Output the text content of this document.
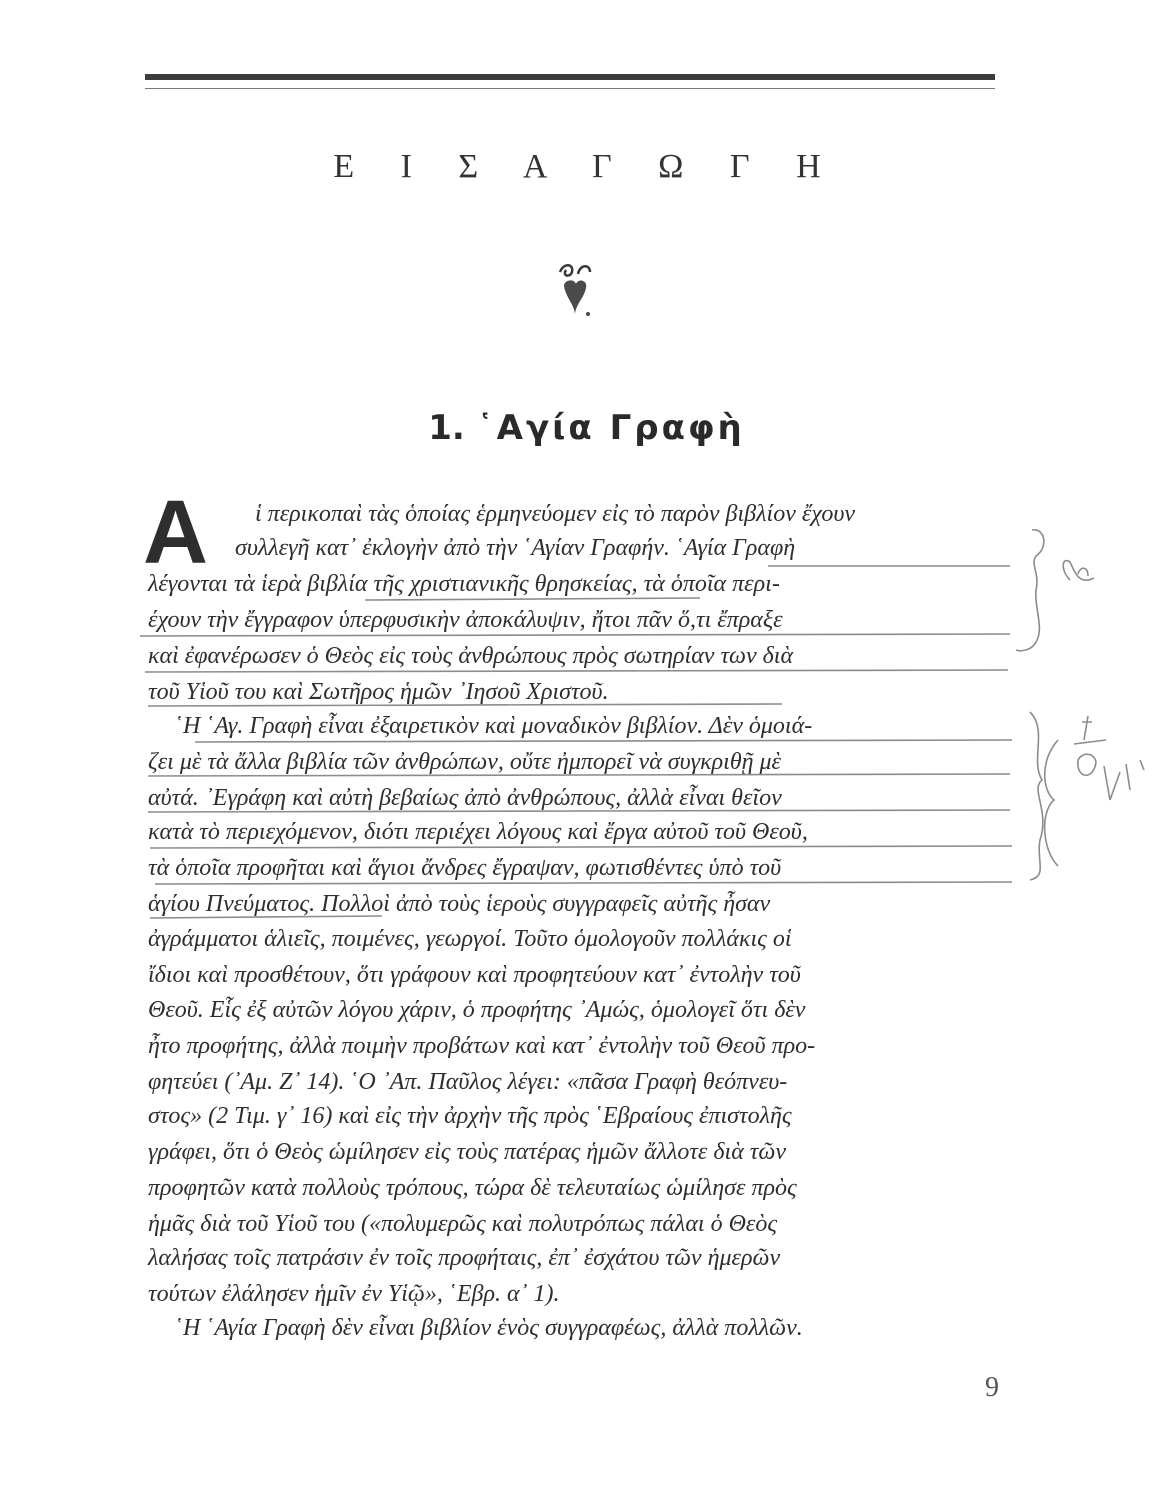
Ε Ι Σ Α Γ Ω Γ Η
1. ῾Αγία Γραφὴ
Α ἱ περικοπαὶ τὰς ὁποίας ἑρμηνεύομεν εἰς τὸ παρὸν βιβλίον ἔχουν
συλλεγῆ κατ᾽ ἐκλογὴν ἀπὸ τὴν ῾Αγίαν Γραφήν. ῾Αγία Γραφὴ
λέγονται τὰ ἱερὰ βιβλία τῆς χριστιανικῆς θρησκείας, τὰ ὁποῖα περι-
έχουν τὴν ἔγγραφον ὑπερφυσικὴν ἀποκάλυψιν, ἤτοι πᾶν ὅ,τι ἔπραξε
καὶ ἐφανέρωσεν ὁ Θεὸς εἰς τοὺς ἀνθρώπους πρὸς σωτηρίαν των διὰ
τοῦ Υἱοῦ του καὶ Σωτῆρος ἡμῶν ᾽Ιησοῦ Χριστοῦ.
῾Η ῾Αγ. Γραφὴ εἶναι ἐξαιρετικὸν καὶ μοναδικὸν βιβλίον. Δὲν ὁμοιά-
ζει μὲ τὰ ἄλλα βιβλία τῶν ἀνθρώπων, οὔτε ἠμπορεῖ νὰ συγκριθῇ μὲ
αὐτά. ᾽Εγράφη καὶ αὐτὴ βεβαίως ἀπὸ ἀνθρώπους, ἀλλὰ εἶναι θεῖον
κατὰ τὸ περιεχόμενον, διότι περιέχει λόγους καὶ ἔργα αὐτοῦ τοῦ Θεοῦ,
τὰ ὁποῖα προφῆται καὶ ἅγιοι ἄνδρες ἔγραψαν, φωτισθέντες ὑπὸ τοῦ
ἁγίου Πνεύματος. Πολλοὶ ἀπὸ τοὺς ἱεροὺς συγγραφεῖς αὐτῆς ἦσαν
ἀγράμματοι ἁλιεῖς, ποιμένες, γεωργοί. Τοῦτο ὁμολογοῦν πολλάκις οἱ
ἴδιοι καὶ προσθέτουν, ὅτι γράφουν καὶ προφητεύουν κατ᾽ ἐντολὴν τοῦ
Θεοῦ. Εἷς ἐξ αὐτῶν λόγου χάριν, ὁ προφήτης ᾽Αμώς, ὁμολογεῖ ὅτι δὲν
ἦτο προφήτης, ἀλλὰ ποιμὴν προβάτων καὶ κατ᾽ ἐντολὴν τοῦ Θεοῦ προ-
φητεύει (᾽Αμ. Ζ᾽ 14). ῾Ο ᾽Απ. Παῦλος λέγει: «πᾶσα Γραφὴ θεόπνευ-
στος» (2 Τιμ. γ᾽ 16) καὶ εἰς τὴν ἀρχὴν τῆς πρὸς ῾Εβραίους ἐπιστολῆς
γράφει, ὅτι ὁ Θεὸς ὡμίλησεν εἰς τοὺς πατέρας ἡμῶν ἄλλοτε διὰ τῶν
προφητῶν κατὰ πολλοὺς τρόπους, τώρα δὲ τελευταίως ὡμίλησε πρὸς
ἡμᾶς διὰ τοῦ Υἱοῦ του («πολυμερῶς καὶ πολυτρόπως πάλαι ὁ Θεὸς
λαλήσας τοῖς πατράσιν ἐν τοῖς προφήταις, ἐπ᾽ ἐσχάτου τῶν ἡμερῶν
τούτων ἐλάλησεν ἡμῖν ἐν Υἱῷ», ῾Εβρ. α᾽ 1).
῾Η ῾Αγία Γραφὴ δὲν εἶναι βιβλίον ἑνὸς συγγραφέως, ἀλλὰ πολλῶν.
9
a
